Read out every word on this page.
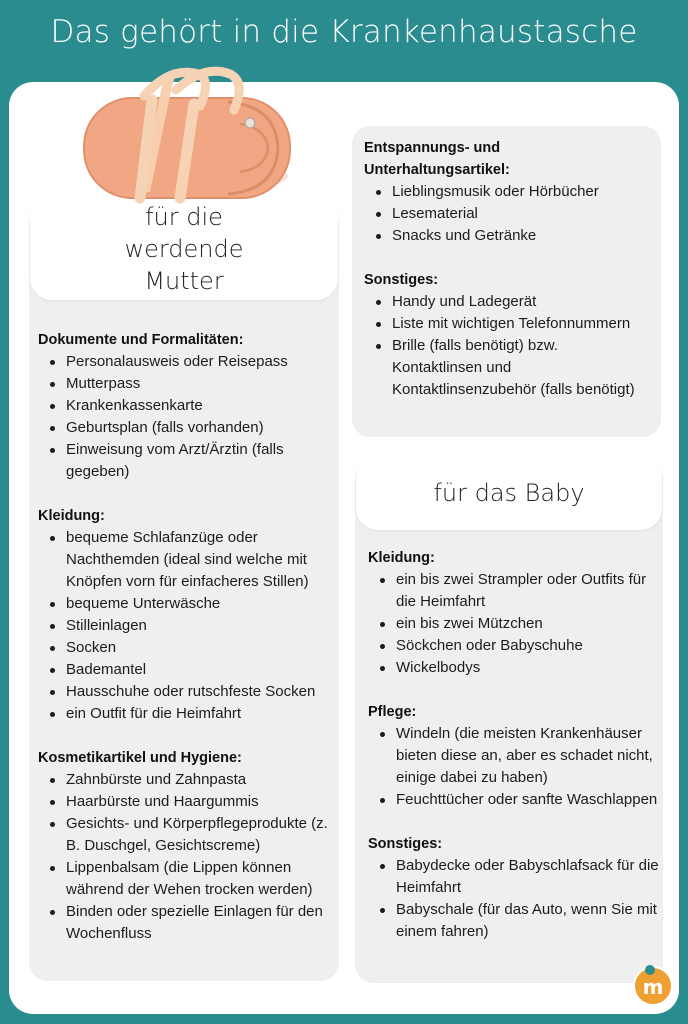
Das gehört in die Krankenhaustasche
für die werdende Mutter
Dokumente und Formalitäten:
Personalausweis oder Reisepass
Mutterpass
Krankenkassenkarte
Geburtsplan (falls vorhanden)
Einweisung vom Arzt/Ärztin (falls gegeben)
Kleidung:
bequeme Schlafanzüge oder Nachthemden (ideal sind welche mit Knöpfen vorn für einfacheres Stillen)
bequeme Unterwäsche
Stilleinlagen
Socken
Bademantel
Hausschuhe oder rutschfeste Socken
ein Outfit für die Heimfahrt
Kosmetikartikel und Hygiene:
Zahnbürste und Zahnpasta
Haarbürste und Haargummis
Gesichts- und Körperpflegeprodukte (z. B. Duschgel, Gesichtscreme)
Lippenbalsam (die Lippen können während der Wehen trocken werden)
Binden oder spezielle Einlagen für den Wochenfluss
Entspannungs- und Unterhaltungsartikel:
Lieblingsmusik oder Hörbücher
Lesematerial
Snacks und Getränke
Sonstiges:
Handy und Ladegerät
Liste mit wichtigen Telefonnummern
Brille (falls benötigt) bzw. Kontaktlinsen und Kontaktlinsenzubehör (falls benötigt)
für das Baby
Kleidung:
ein bis zwei Strampler oder Outfits für die Heimfahrt
ein bis zwei Mützchen
Söckchen oder Babyschuhe
Wickelbodys
Pflege:
Windeln (die meisten Krankenhäuser bieten diese an, aber es schadet nicht, einige dabei zu haben)
Feuchttücher oder sanfte Waschlappen
Sonstiges:
Babydecke oder Babyschlafsack für die Heimfahrt
Babyschale (für das Auto, wenn Sie mit einem fahren)
m
